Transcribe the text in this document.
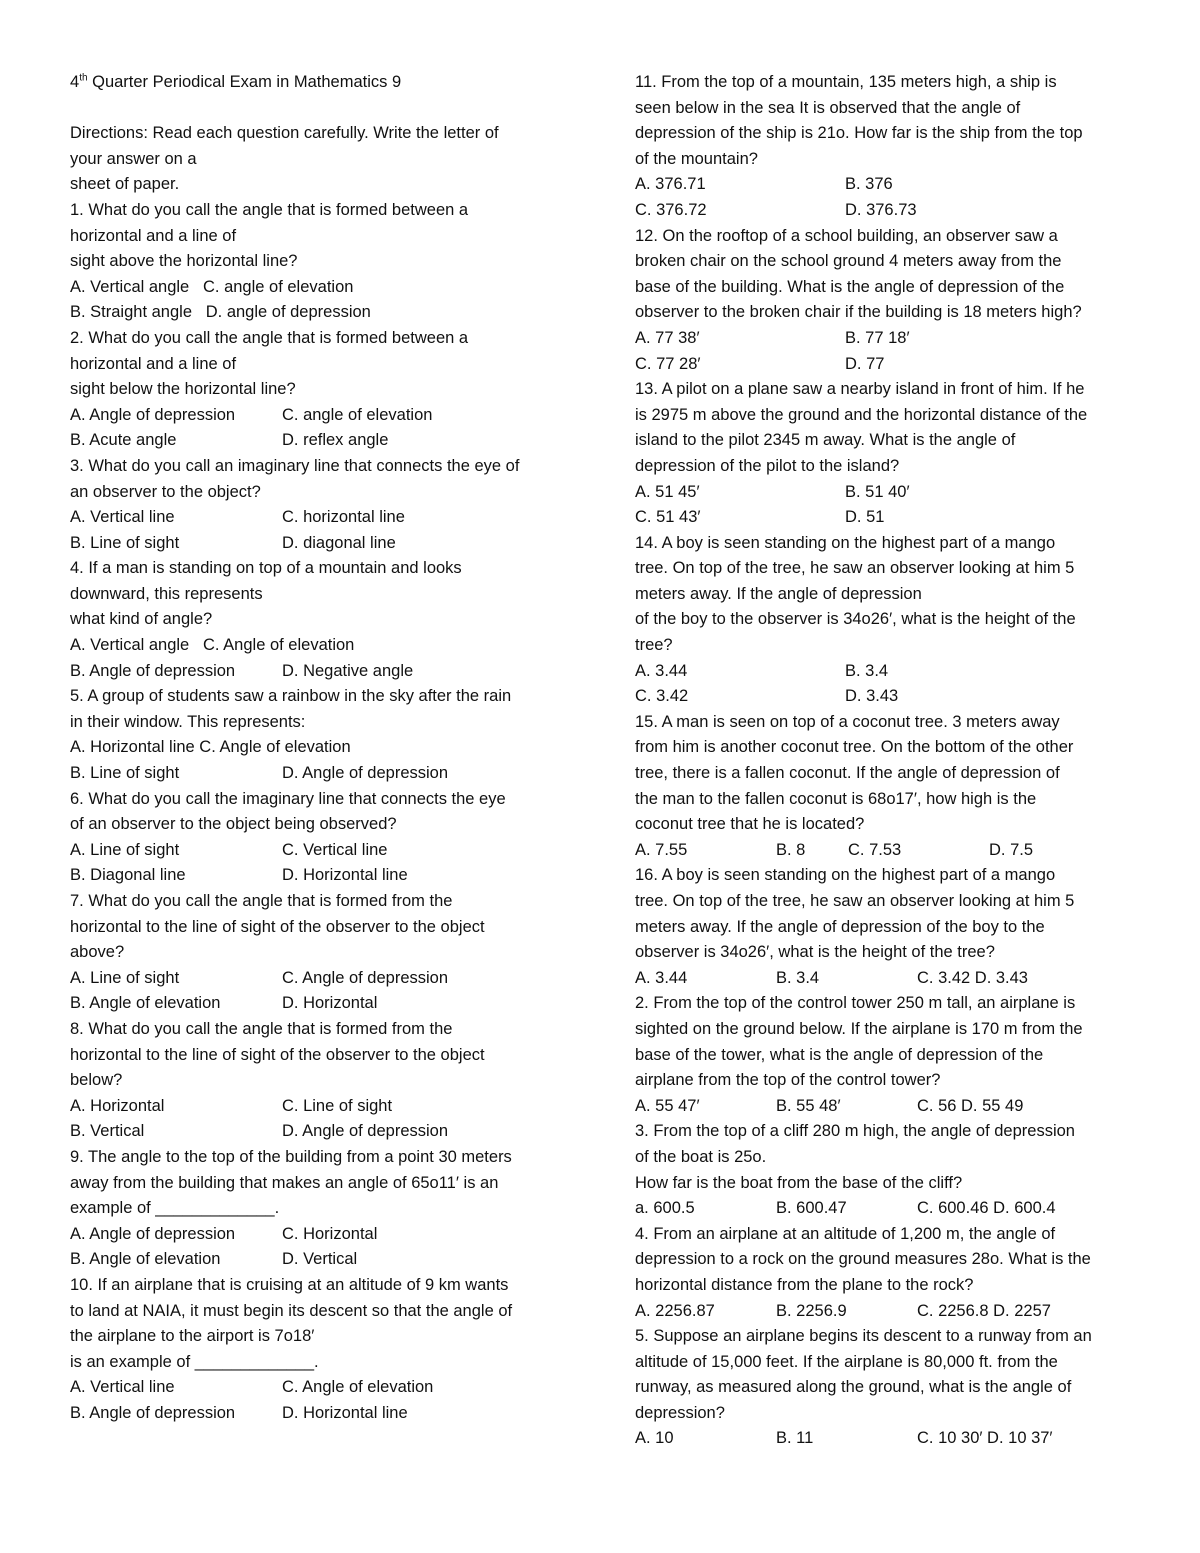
4th Quarter Periodical Exam in Mathematics 9
Directions: Read each question carefully. Write the letter of
your answer on a
sheet of paper.
1. What do you call the angle that is formed between a
horizontal and a line of
sight above the horizontal line?
A. Vertical angle   C. angle of elevation
B. Straight angle   D. angle of depression
2. What do you call the angle that is formed between a
horizontal and a line of
sight below the horizontal line?
A. Angle of depression	C. angle of elevation
B. Acute angle	D. reflex angle
3. What do you call an imaginary line that connects the eye of
an observer to the object?
A. Vertical line	C. horizontal line
B. Line of sight	D. diagonal line
4. If a man is standing on top of a mountain and looks
downward, this represents
what kind of angle?
A. Vertical angle   C. Angle of elevation
B. Angle of depression	D. Negative angle
5. A group of students saw a rainbow in the sky after the rain
in their window. This represents:
A. Horizontal line C. Angle of elevation
B. Line of sight	D. Angle of depression
6. What do you call the imaginary line that connects the eye
of an observer to the object being observed?
A. Line of sight	C. Vertical line
B. Diagonal line	D. Horizontal line
7. What do you call the angle that is formed from the
horizontal to the line of sight of the observer to the object
above?
A. Line of sight	C. Angle of depression
B. Angle of elevation	D. Horizontal
8. What do you call the angle that is formed from the
horizontal to the line of sight of the observer to the object
below?
A. Horizontal	C. Line of sight
B. Vertical	D. Angle of depression
9. The angle to the top of the building from a point 30 meters
away from the building that makes an angle of 65o11′ is an
example of _____________.
A. Angle of depression	C. Horizontal
B. Angle of elevation	D. Vertical
10. If an airplane that is cruising at an altitude of 9 km wants
to land at NAIA, it must begin its descent so that the angle of
the airplane to the airport is 7o18′
is an example of _____________.
A. Vertical line	C. Angle of elevation
B. Angle of depression	D. Horizontal line
11. From the top of a mountain, 135 meters high, a ship is
seen below in the sea It is observed that the angle of
depression of the ship is 21o. How far is the ship from the top
of the mountain?
A. 376.71	B. 376
C. 376.72	D. 376.73
12. On the rooftop of a school building, an observer saw a
broken chair on the school ground 4 meters away from the
base of the building. What is the angle of depression of the
observer to the broken chair if the building is 18 meters high?
A. 77 38′	B. 77 18′
C. 77 28′	D. 77
13. A pilot on a plane saw a nearby island in front of him. If he
is 2975 m above the ground and the horizontal distance of the
island to the pilot 2345 m away. What is the angle of
depression of the pilot to the island?
A. 51 45′	B. 51 40′
C. 51 43′	D. 51
14. A boy is seen standing on the highest part of a mango
tree. On top of the tree, he saw an observer looking at him 5
meters away. If the angle of depression
of the boy to the observer is 34o26′, what is the height of the
tree?
A. 3.44	B. 3.4
C. 3.42	D. 3.43
15. A man is seen on top of a coconut tree. 3 meters away
from him is another coconut tree. On the bottom of the other
tree, there is a fallen coconut. If the angle of depression of
the man to the fallen coconut is 68o17′, how high is the
coconut tree that he is located?
A. 7.55	B. 8	C. 7.53	D. 7.5
16. A boy is seen standing on the highest part of a mango
tree. On top of the tree, he saw an observer looking at him 5
meters away. If the angle of depression of the boy to the
observer is 34o26′, what is the height of the tree?
A. 3.44	B. 3.4	C. 3.42 D. 3.43
2. From the top of the control tower 250 m tall, an airplane is
sighted on the ground below. If the airplane is 170 m from the
base of the tower, what is the angle of depression of the
airplane from the top of the control tower?
A. 55 47′	B. 55 48′	C. 56 D. 55 49
3. From the top of a cliff 280 m high, the angle of depression
of the boat is 25o.
How far is the boat from the base of the cliff?
a. 600.5	B. 600.47	C. 600.46 D. 600.4
4. From an airplane at an altitude of 1,200 m, the angle of
depression to a rock on the ground measures 28o. What is the
horizontal distance from the plane to the rock?
A. 2256.87	B. 2256.9	C. 2256.8 D. 2257
5. Suppose an airplane begins its descent to a runway from an
altitude of 15,000 feet. If the airplane is 80,000 ft. from the
runway, as measured along the ground, what is the angle of
depression?
A. 10	B. 11	C. 10 30′ D. 10 37′
